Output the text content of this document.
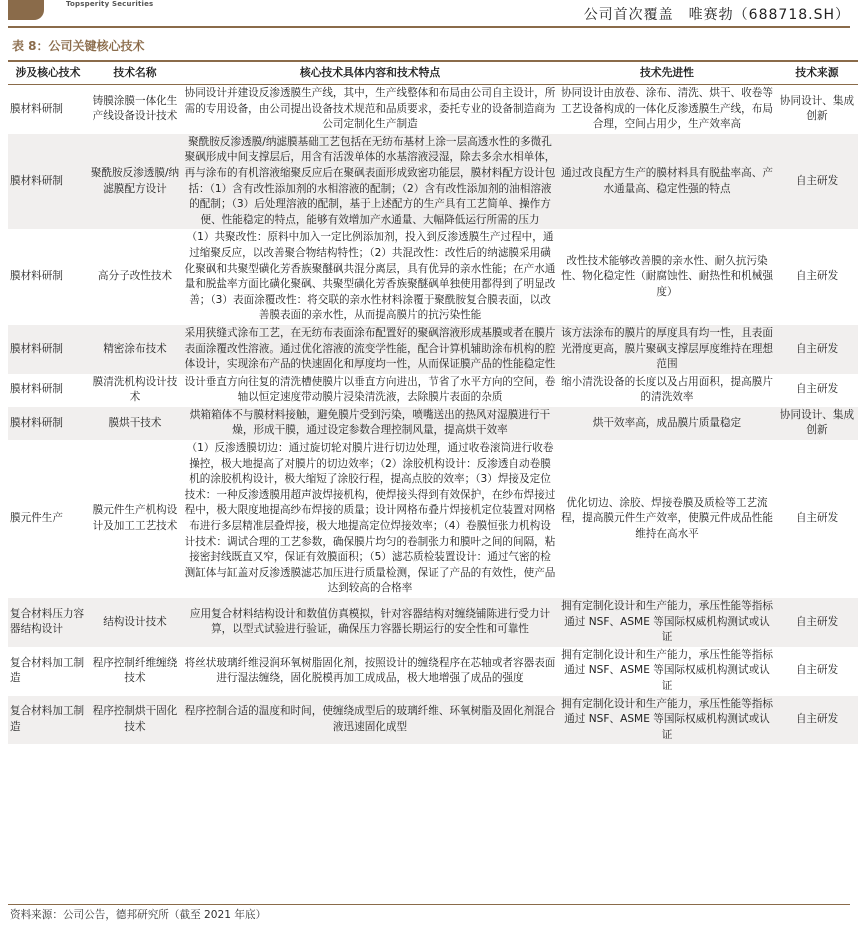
Topsperity Securities
公司首次覆盖　唯赛勃（688718.SH）
表 8：公司关键核心技术
涉及核心技术	技术名称	核心技术具体内容和技术特点	技术先进性	技术来源
膜材料研制	铸膜涂膜一体化生产线设备设计技术	协同设计并建设反渗透膜生产线，其中，生产线整体和布局由公司自主设计，所需的专用设备，由公司提出设备技术规范和品质要求，委托专业的设备制造商为公司定制化生产制造	协同设计由放卷、涂布、清洗、烘干、收卷等工艺设备构成的一体化反渗透膜生产线，布局合理，空间占用少，生产效率高	协同设计、集成创新
膜材料研制	聚酰胺反渗透膜/纳滤膜配方设计	聚酰胺反渗透膜/纳滤膜基础工艺包括在无纺布基材上涂一层高透水性的多微孔聚砜形成中间支撑层后，用含有活泼单体的水基溶液浸湿，除去多余水相单体，再与涂布的有机溶液缩聚反应后在聚砜表面形成致密功能层，膜材料配方设计包括：（1）含有改性添加剂的水相溶液的配制；（2）含有改性添加剂的油相溶液的配制；（3）后处理溶液的配制，基于上述配方的生产具有工艺简单、操作方便、性能稳定的特点，能够有效增加产水通量、大幅降低运行所需的压力	通过改良配方生产的膜材料具有脱盐率高、产水通量高、稳定性强的特点	自主研发
膜材料研制	高分子改性技术	（1）共聚改性：原料中加入一定比例添加剂，投入到反渗透膜生产过程中，通过缩聚反应，以改善聚合物结构特性；（2）共混改性：改性后的纳滤膜采用磺化聚砜和共聚型磺化芳香族聚醚砜共混分离层，具有优异的亲水性能；在产水通量和脱盐率方面比磺化聚砜、共聚型磺化芳香族聚醚砜单独使用都得到了明显改善；（3）表面涂覆改性：将交联的亲水性材料涂覆于聚酰胺复合膜表面，以改善膜表面的亲水性，从而提高膜片的抗污染性能	改性技术能够改善膜的亲水性、耐久抗污染性、物化稳定性（耐腐蚀性、耐热性和机械强度）	自主研发
膜材料研制	精密涂布技术	采用狭缝式涂布工艺，在无纺布表面涂布配置好的聚砜溶液形成基膜或者在膜片表面涂覆改性溶液。通过优化溶液的流变学性能，配合计算机辅助涂布机构的腔体设计，实现涂布产品的快速固化和厚度均一性，从而保证膜产品的性能稳定性	该方法涂布的膜片的厚度具有均一性，且表面光滑度更高，膜片聚砜支撑层厚度维持在理想范围	自主研发
膜材料研制	膜清洗机构设计技术	设计垂直方向往复的清洗槽使膜片以垂直方向进出，节省了水平方向的空间，卷轴以恒定速度带动膜片浸染清洗液，去除膜片表面的杂质	缩小清洗设备的长度以及占用面积，提高膜片的清洗效率	自主研发
膜材料研制	膜烘干技术	烘箱箱体不与膜材料接触，避免膜片受到污染，喷嘴送出的热风对湿膜进行干燥，形成干膜，通过设定参数合理控制风量，提高烘干效率	烘干效率高，成品膜片质量稳定	协同设计、集成创新
膜元件生产	膜元件生产机构设计及加工工艺技术	（1）反渗透膜切边：通过旋切轮对膜片进行切边处理，通过收卷滚筒进行收卷操控，极大地提高了对膜片的切边效率；（2）涂胶机构设计：反渗透自动卷膜机的涂胶机构设计，极大缩短了涂胶行程，提高点胶的效率；（3）焊接及定位技术：一种反渗透膜用超声波焊接机构，使焊接头得到有效保护，在纱布焊接过程中，极大限度地提高纱布焊接的质量；设计网格布叠片焊接机定位装置对网格布进行多层精准层叠焊接，极大地提高定位焊接效率；（4）卷膜恒张力机构设计技术：调试合理的工艺参数，确保膜片均匀的卷制张力和膜叶之间的间隔，粘接密封线既直又窄，保证有效膜面积；（5）滤芯质检装置设计：通过气密的检测缸体与缸盖对反渗透膜滤芯加压进行质量检测，保证了产品的有效性，使产品达到较高的合格率	优化切边、涂胶、焊接卷膜及质检等工艺流程，提高膜元件生产效率，使膜元件成品性能维持在高水平	自主研发
复合材料压力容器结构设计	结构设计技术	应用复合材料结构设计和数值仿真模拟，针对容器结构对缠绕铺陈进行受力计算，以型式试验进行验证，确保压力容器长期运行的安全性和可靠性	拥有定制化设计和生产能力，承压性能等指标通过 NSF、ASME 等国际权威机构测试或认证	自主研发
复合材料加工制造	程序控制纤维缠绕技术	将丝状玻璃纤维浸润环氧树脂固化剂，按照设计的缠绕程序在芯轴或者容器表面进行湿法缠绕，固化脱模再加工成成品，极大地增强了成品的强度	拥有定制化设计和生产能力，承压性能等指标通过 NSF、ASME 等国际权威机构测试或认证	自主研发
复合材料加工制造	程序控制烘干固化技术	程序控制合适的温度和时间，使缠绕成型后的玻璃纤维、环氧树脂及固化剂混合液迅速固化成型	拥有定制化设计和生产能力，承压性能等指标通过 NSF、ASME 等国际权威机构测试或认证	自主研发
资料来源：公司公告，德邦研究所（截至 2021 年底）
